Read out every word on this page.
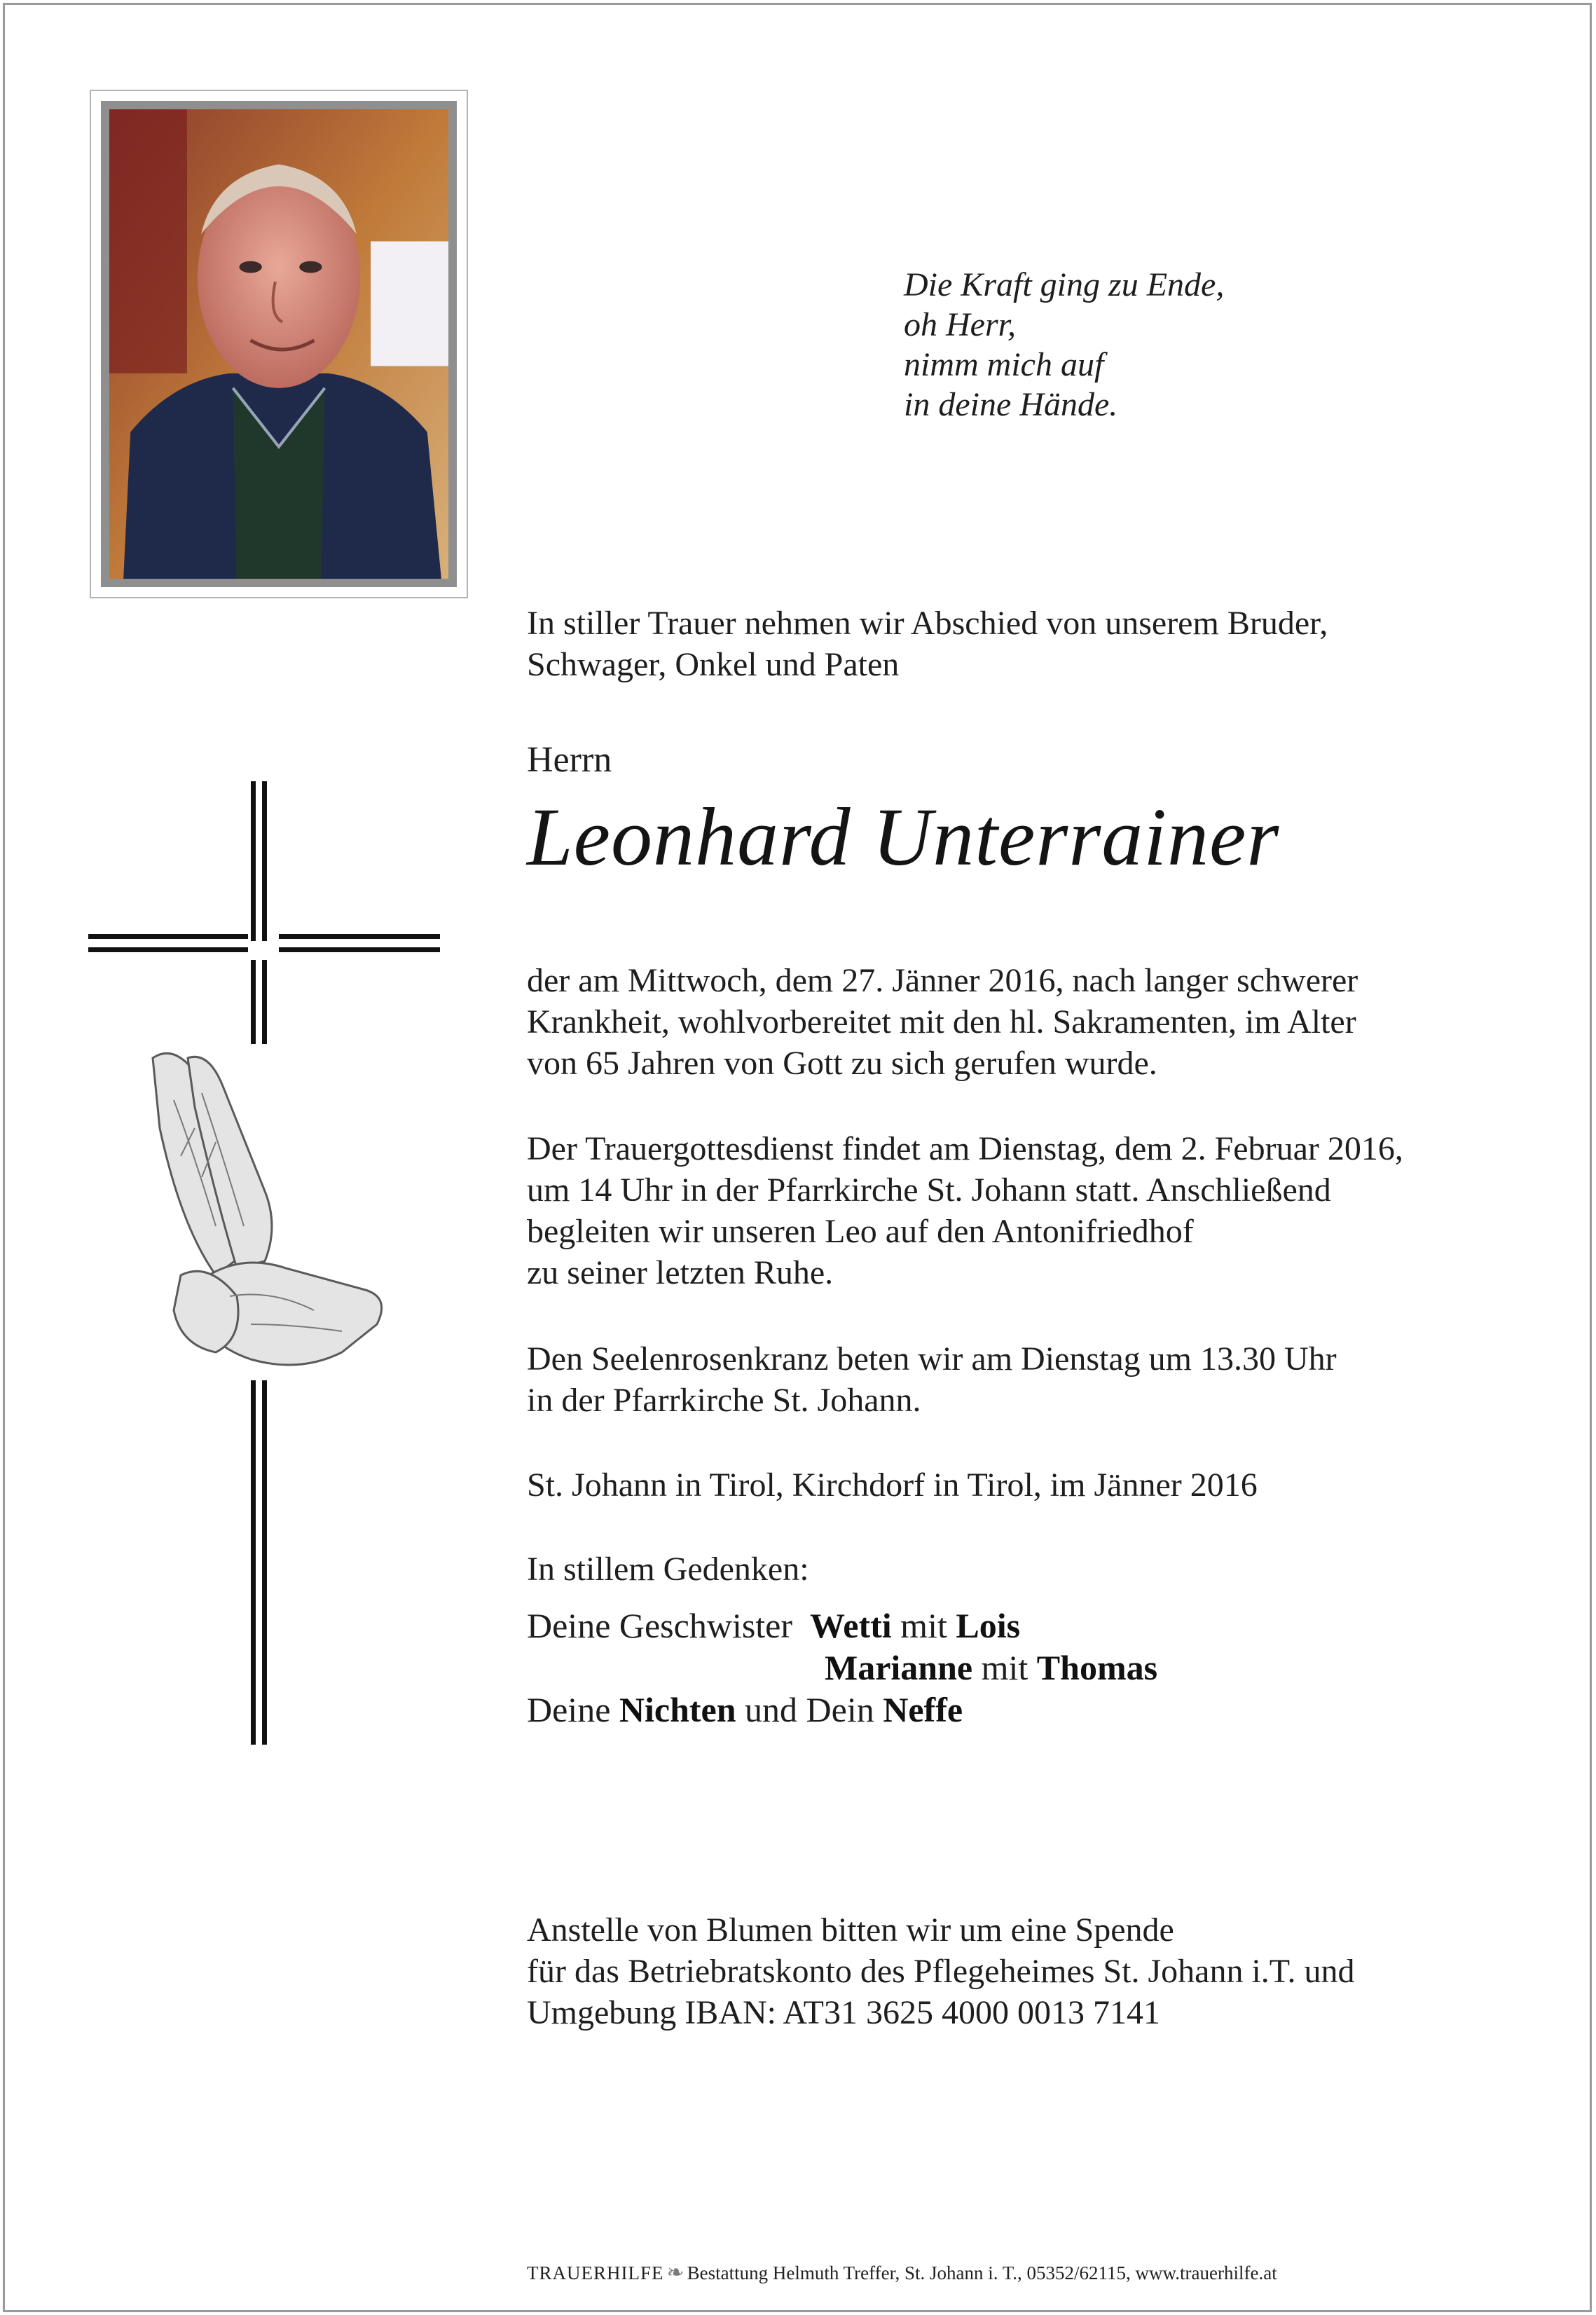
Die Kraft ging zu Ende,
oh Herr,
nimm mich auf
in deine Hände.
In stiller Trauer nehmen wir Abschied von unserem Bruder,
Schwager, Onkel und Paten
Herrn
Leonhard Unterrainer
der am Mittwoch, dem 27. Jänner 2016, nach langer schwerer
Krankheit, wohlvorbereitet mit den hl. Sakramenten, im Alter
von 65 Jahren von Gott zu sich gerufen wurde.
Der Trauergottesdienst findet am Dienstag, dem 2. Februar 2016,
um 14 Uhr in der Pfarrkirche St. Johann statt. Anschließend
begleiten wir unseren Leo auf den Antonifriedhof
zu seiner letzten Ruhe.
Den Seelenrosenkranz beten wir am Dienstag um 13.30 Uhr
in der Pfarrkirche St. Johann.
St. Johann in Tirol, Kirchdorf in Tirol, im Jänner 2016
In stillem Gedenken:
Deine Geschwister Wetti mit Lois
Marianne mit Thomas
Deine Nichten und Dein Neffe
Anstelle von Blumen bitten wir um eine Spende
für das Betriebratskonto des Pflegeheimes St. Johann i.T. und
Umgebung IBAN: AT31 3625 4000 0013 7141
TRAUERHILFE ❧ Bestattung Helmuth Treffer, St. Johann i. T., 05352/62115, www.trauerhilfe.at
